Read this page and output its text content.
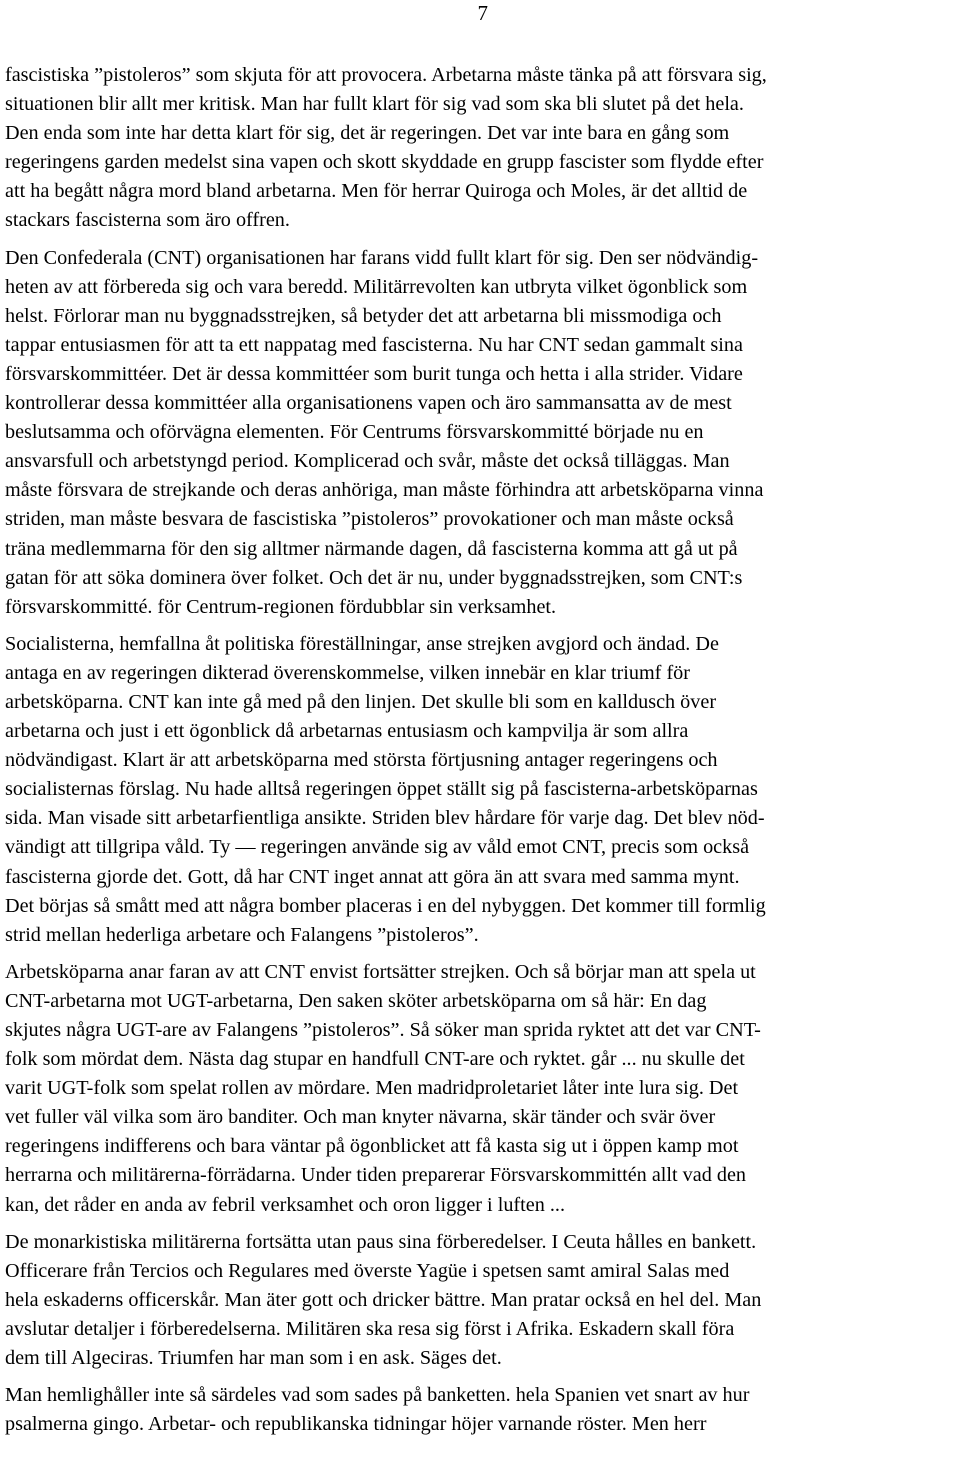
7

fascistiska ”pistoleros” som skjuta för att provocera. Arbetarna måste tänka på att försvara sig,
situationen blir allt mer kritisk. Man har fullt klart för sig vad som ska bli slutet på det hela.
Den enda som inte har detta klart för sig, det är regeringen. Det var inte bara en gång som
regeringens garden medelst sina vapen och skott skyddade en grupp fascister som flydde efter
att ha begått några mord bland arbetarna. Men för herrar Quiroga och Moles, är det alltid de
stackars fascisterna som äro offren.

Den Confederala (CNT) organisationen har farans vidd fullt klart för sig. Den ser nödvändig-
heten av att förbereda sig och vara beredd. Militärrevolten kan utbryta vilket ögonblick som
helst. Förlorar man nu byggnadsstrejken, så betyder det att arbetarna bli missmodiga och
tappar entusiasmen för att ta ett nappatag med fascisterna. Nu har CNT sedan gammalt sina
försvarskommittéer. Det är dessa kommittéer som burit tunga och hetta i alla strider. Vidare
kontrollerar dessa kommittéer alla organisationens vapen och äro sammansatta av de mest
beslutsamma och oförvägna elementen. För Centrums försvarskommitté började nu en
ansvarsfull och arbetstyngd period. Komplicerad och svår, måste det också tilläggas. Man
måste försvara de strejkande och deras anhöriga, man måste förhindra att arbetsköparna vinna
striden, man måste besvara de fascistiska ”pistoleros” provokationer och man måste också
träna medlemmarna för den sig alltmer närmande dagen, då fascisterna komma att gå ut på
gatan för att söka dominera över folket. Och det är nu, under byggnadsstrejken, som CNT:s
försvarskommitté. för Centrum-regionen fördubblar sin verksamhet.

Socialisterna, hemfallna åt politiska föreställningar, anse strejken avgjord och ändad. De
antaga en av regeringen dikterad överenskommelse, vilken innebär en klar triumf för
arbetsköparna. CNT kan inte gå med på den linjen. Det skulle bli som en kalldusch över
arbetarna och just i ett ögonblick då arbetarnas entusiasm och kampvilja är som allra
nödvändigast. Klart är att arbetsköparna med största förtjusning antager regeringens och
socialisternas förslag. Nu hade alltså regeringen öppet ställt sig på fascisterna-arbetsköparnas
sida. Man visade sitt arbetarfientliga ansikte. Striden blev hårdare för varje dag. Det blev nöd-
vändigt att tillgripa våld. Ty — regeringen använde sig av våld emot CNT, precis som också
fascisterna gjorde det. Gott, då har CNT inget annat att göra än att svara med samma mynt.
Det börjas så smått med att några bomber placeras i en del nybyggen. Det kommer till formlig
strid mellan hederliga arbetare och Falangens ”pistoleros”.

Arbetsköparna anar faran av att CNT envist fortsätter strejken. Och så börjar man att spela ut
CNT-arbetarna mot UGT-arbetarna, Den saken sköter arbetsköparna om så här: En dag
skjutes några UGT-are av Falangens ”pistoleros”. Så söker man sprida ryktet att det var CNT-
folk som mördat dem. Nästa dag stupar en handfull CNT-are och ryktet. går ... nu skulle det
varit UGT-folk som spelat rollen av mördare. Men madridproletariet låter inte lura sig. Det
vet fuller väl vilka som äro banditer. Och man knyter nävarna, skär tänder och svär över
regeringens indifferens och bara väntar på ögonblicket att få kasta sig ut i öppen kamp mot
herrarna och militärerna-förrädarna. Under tiden preparerar Försvarskommittén allt vad den
kan, det råder en anda av febril verksamhet och oron ligger i luften ...

De monarkistiska militärerna fortsätta utan paus sina förberedelser. I Ceuta hålles en bankett.
Officerare från Tercios och Regulares med överste Yagüe i spetsen samt amiral Salas med
hela eskaderns officerskår. Man äter gott och dricker bättre. Man pratar också en hel del. Man
avslutar detaljer i förberedelserna. Militären ska resa sig först i Afrika. Eskadern skall föra
dem till Algeciras. Triumfen har man som i en ask. Säges det.

Man hemlighåller inte så särdeles vad som sades på banketten. hela Spanien vet snart av hur
psalmerna gingo. Arbetar- och republikanska tidningar höjer varnande röster. Men herr
